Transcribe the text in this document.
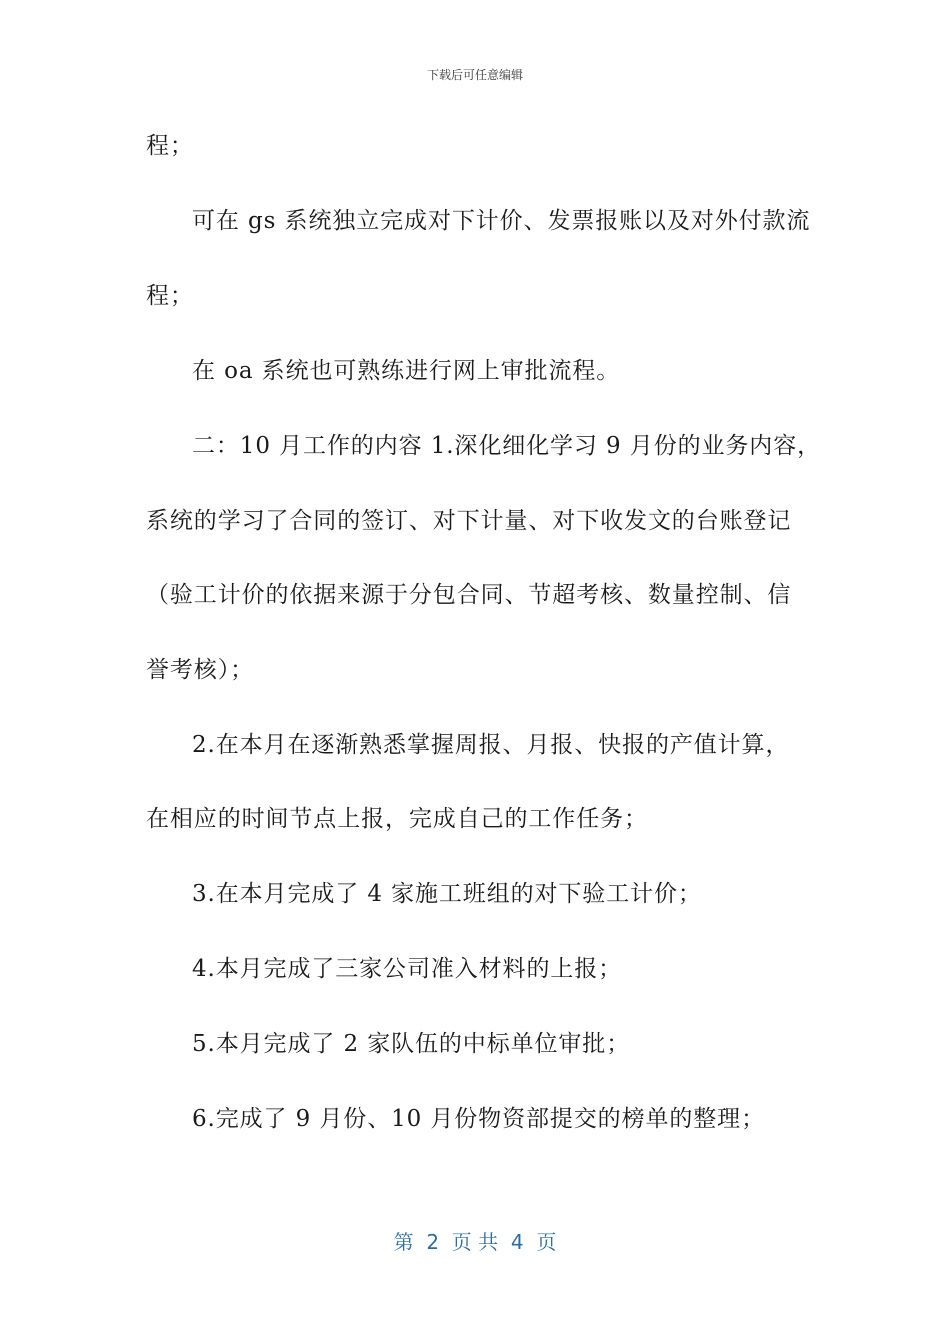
下载后可任意编辑
程；
可在 gs 系统独立完成对下计价、发票报账以及对外付款流
程；
在 oa 系统也可熟练进行网上审批流程。
二：10 月工作的内容 1.深化细化学习 9 月份的业务内容，
系统的学习了合同的签订、对下计量、对下收发文的台账登记
（验工计价的依据来源于分包合同、节超考核、数量控制、信
誉考核）；
2.在本月在逐渐熟悉掌握周报、月报、快报的产值计算，
在相应的时间节点上报，完成自己的工作任务；
3.在本月完成了 4 家施工班组的对下验工计价；
4.本月完成了三家公司准入材料的上报；
5.本月完成了 2 家队伍的中标单位审批；
6.完成了 9 月份、10 月份物资部提交的榜单的整理；
第  2  页 共  4  页
